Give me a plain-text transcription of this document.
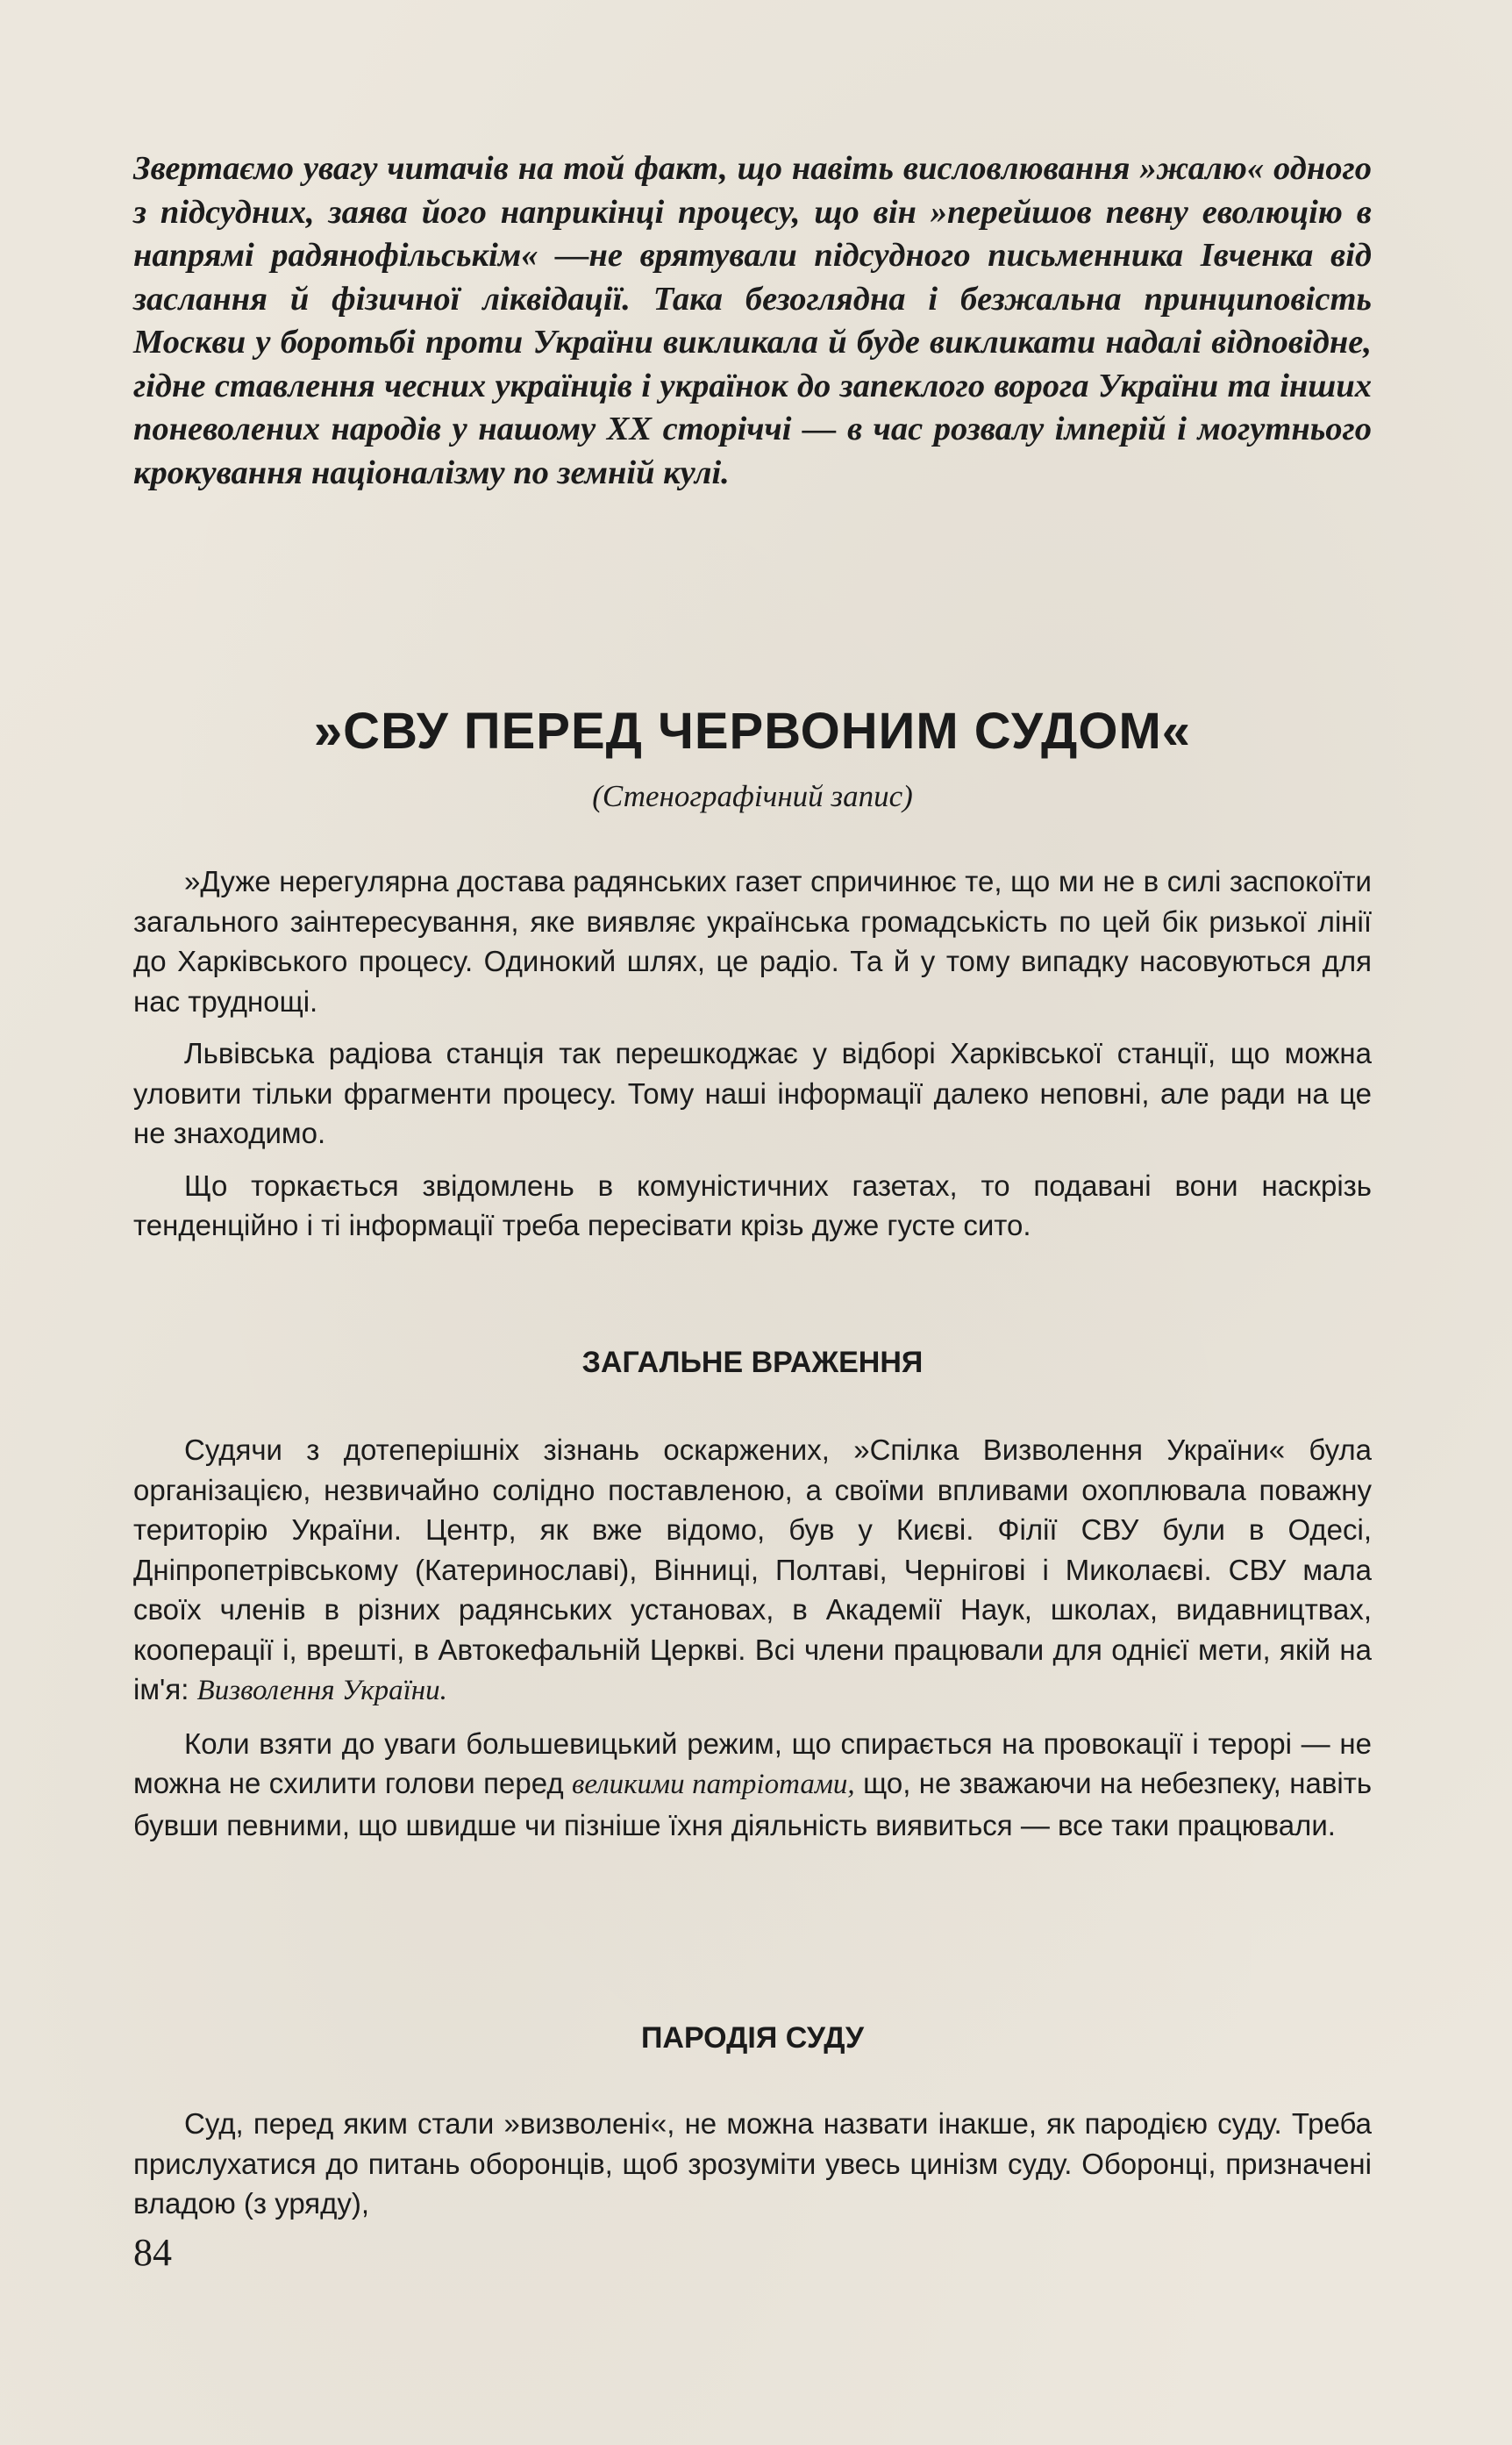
Звертаємо увагу читачів на той факт, що навіть висловлювання »жалю« одного з підсудних, заява його наприкінці процесу, що він »перейшов певну еволюцію в напрямі радянофільськім« —не врятували підсудного письменника Івченка від заслання й фізичної ліквідації. Така безоглядна і безжальна принциповість Москви у боротьбі проти України викликала й буде викликати надалі відповідне, гідне ставлення чесних українців і українок до запеклого ворога України та інших поневолених народів у нашому XX сторіччі — в час розвалу імперій і могутнього крокування націоналізму по земній кулі.

»СВУ ПЕРЕД ЧЕРВОНИМ СУДОМ«

(Стенографічний запис)

»Дуже нерегулярна достава радянських газет спричинює те, що ми не в силі заспокоїти загального заінтересування, яке виявляє українська громадськість по цей бік ризької лінії до Харківського процесу. Одинокий шлях, це радіо. Та й у тому випадку насовуються для нас труднощі.

Львівська радіова станція так перешкоджає у відборі Харківської станції, що можна уловити тільки фрагменти процесу. Тому наші інформації далеко неповні, але ради на це не знаходимо.

Що торкається звідомлень в комуністичних газетах, то подавані вони наскрізь тенденційно і ті інформації треба пересівати крізь дуже густе сито.

ЗАГАЛЬНЕ ВРАЖЕННЯ

Судячи з дотеперішніх зізнань оскаржених, »Спілка Визволення України« була організацією, незвичайно солідно поставленою, а своїми впливами охоплювала поважну територію України. Центр, як вже відомо, був у Києві. Філії СВУ були в Одесі, Дніпропетрівському (Катеринославі), Вінниці, Полтаві, Чернігові і Миколаєві. СВУ мала своїх членів в різних радянських установах, в Академії Наук, школах, видавництвах, кооперації і, врешті, в Автокефальній Церкві. Всі члени працювали для однієї мети, якій на ім'я: Визволення України.

Коли взяти до уваги большевицький режим, що спирається на провокації і терорі — не можна не схилити голови перед великими патріотами, що, не зважаючи на небезпеку, навіть бувши певними, що швидше чи пізніше їхня діяльність виявиться — все таки працювали.

ПАРОДІЯ СУДУ

Суд, перед яким стали »визволені«, не можна назвати інакше, як пародією суду. Треба прислухатися до питань оборонців, щоб зрозуміти увесь цинізм суду. Оборонці, призначені владою (з уряду),

84
